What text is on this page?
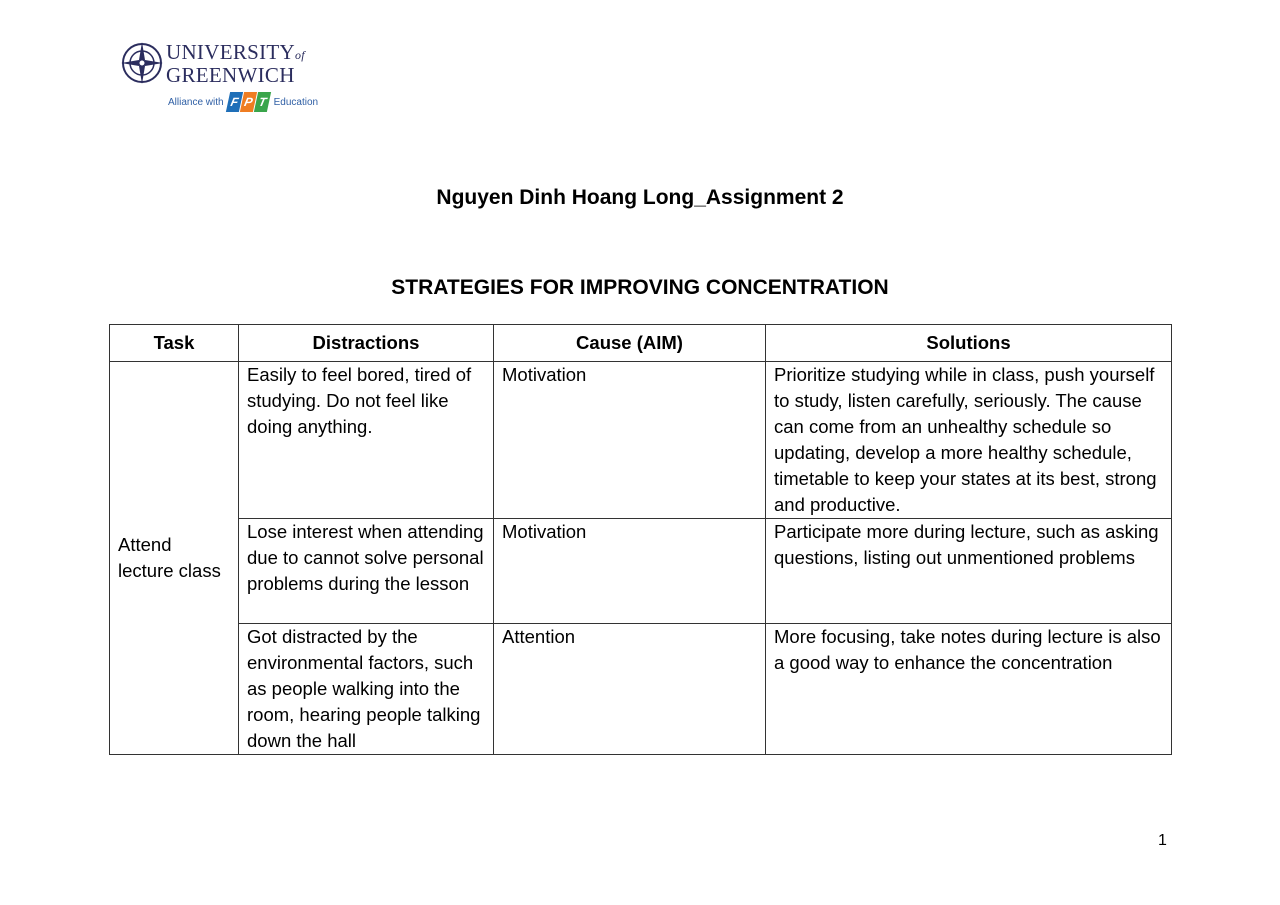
UNIVERSITYof
GREENWICH
Alliance with F P T Education
Nguyen Dinh Hoang Long_Assignment 2
STRATEGIES FOR IMPROVING CONCENTRATION
Task	Distractions	Cause (AIM)	Solutions
Attend lecture class	Easily to feel bored, tired of studying. Do not feel like doing anything.	Motivation	Prioritize studying while in class, push yourself to study, listen carefully, seriously. The cause can come from an unhealthy schedule so updating, develop a more healthy schedule, timetable to keep your states at its best, strong and productive.
	Lose interest when attending due to cannot solve personal problems during the lesson	Motivation	Participate more during lecture, such as asking questions, listing out unmentioned problems
	Got distracted by the environmental factors, such as people walking into the room, hearing people talking down the hall	Attention	More focusing, take notes during lecture is also a good way to enhance the concentration
1
